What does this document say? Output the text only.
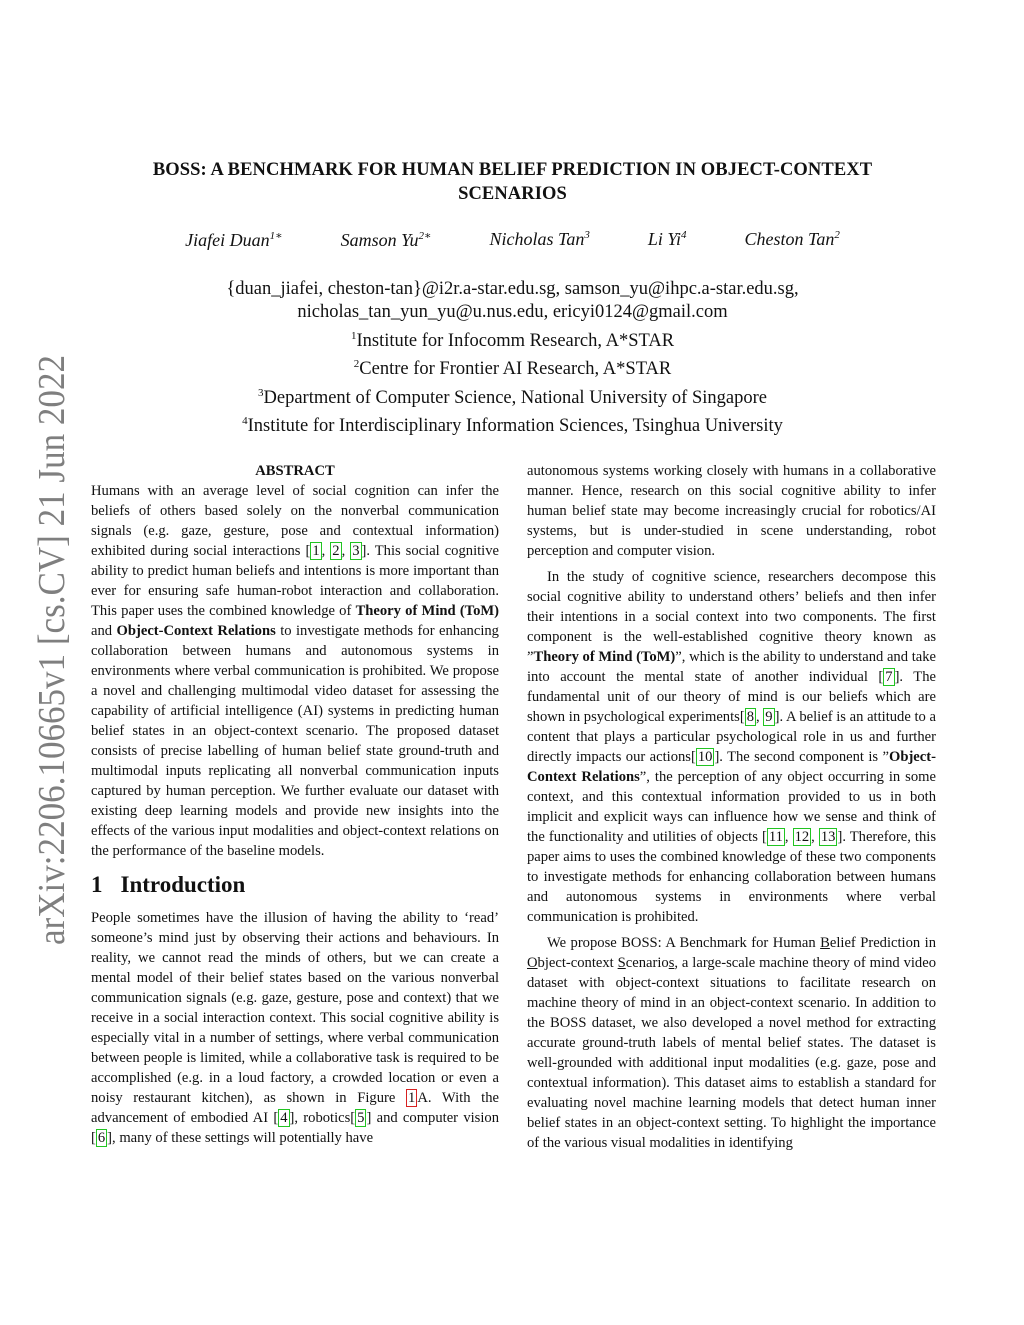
arXiv:2206.10665v1 [cs.CV] 21 Jun 2022
BOSS: A BENCHMARK FOR HUMAN BELIEF PREDICTION IN OBJECT-CONTEXT
SCENARIOS
Jiafei Duan$^{1∗}$	Samson $Yu^{2∗}$	Nicholas Tan$^3$	Li Yi$^4$	Cheston Tan$^2$
{duan_jiafei, cheston-tan}@i2r.a-star.edu.sg, samson_yu@ihpc.a-star.edu.sg,
nicholas_tan_yun_yu@u.nus.edu, ericyi0124@gmail.com
$^1$Institute for Infocomm Research, A*STAR
$^2$Centre for Frontier AI Research, A*STAR
$^3$Department of Computer Science, National University of Singapore
$^4$Institute for Interdisciplinary Information Sciences, Tsinghua University
ABSTRACT

Humans with an average level of social cognition can infer the beliefs of others based solely on the nonverbal communication signals (e.g. gaze, gesture, pose and contextual information) exhibited during social interactions [ 1 , 2 , 3 ]. This social cognitive ability to predict human beliefs and intentions is more important than ever for ensuring safe human-robot interaction and collaboration. This paper uses the combined knowledge of Theory of Mind (ToM) and Object-Context Relations to investigate methods for enhancing collaboration between humans and autonomous systems in environments where verbal communication is prohibited. We propose a novel and challenging multimodal video dataset for assessing the capability of artificial intelligence (AI) systems in predicting human belief states in an object-context scenario. The proposed dataset consists of precise labelling of human belief state ground-truth and multimodal inputs replicating all nonverbal communication inputs captured by human perception. We further evaluate our dataset with existing deep learning models and provide new insights into the effects of the various input modalities and object-context relations on the performance of the baseline models.

1 Introduction

People sometimes have the illusion of having the ability to ‘read’ someone’s mind just by observing their actions and behaviours. In reality, we cannot read the minds of others, but we can create a mental model of their belief states based on the various nonverbal communication signals (e.g. gaze, gesture, pose and context) that we receive in a social interaction context. This social cognitive ability is especially vital in a number of settings, where verbal communication between people is limited, while a collaborative task is required to be accomplished (e.g. in a loud factory, a crowded location or even a noisy restaurant kitchen), as shown in Figure 1 A. With the advancement of embodied AI [ 4 ], robotics[ 5 ] and computer vision [ 6 ], many of these settings will potentially have

autonomous systems working closely with humans in a collaborative manner. Hence, research on this social cognitive ability to infer human belief state may become increasingly crucial for robotics/AI systems, but is under-studied in scene understanding, robot perception and computer vision.

In the study of cognitive science, researchers decompose this social cognitive ability to understand others’ beliefs and then infer their intentions in a social context into two components. The first component is the well-established cognitive theory known as ”Theory of Mind (ToM)”, which is the ability to understand and take into account the mental state of another individual [ 7 ]. The fundamental unit of our theory of mind is our beliefs which are shown in psychological experiments[ 8 , 9 ]. A belief is an attitude to a content that plays a particular psychological role in us and further directly impacts our actions[ 10 ]. The second component is ”Object-Context Relations”, the perception of any object occurring in some context, and this contextual information provided to us in both implicit and explicit ways can influence how we sense and think of the functionality and utilities of objects [ 11 , 12 , 13 ]. Therefore, this paper aims to uses the combined knowledge of these two components to investigate methods for enhancing collaboration between humans and autonomous systems in environments where verbal communication is prohibited.

We propose BOSS: A Benchmark for Human Belief Prediction in Object-context Scenarios, a large-scale machine theory of mind video dataset with object-context situations to facilitate research on machine theory of mind in an object-context scenario. In addition to the BOSS dataset, we also developed a novel method for extracting accurate ground-truth labels of mental belief states. The dataset is well-grounded with additional input modalities (e.g. gaze, pose and contextual information). This dataset aims to establish a standard for evaluating novel machine learning models that detect human inner belief states in an object-context setting. To highlight the importance of the various visual modalities in identifying
